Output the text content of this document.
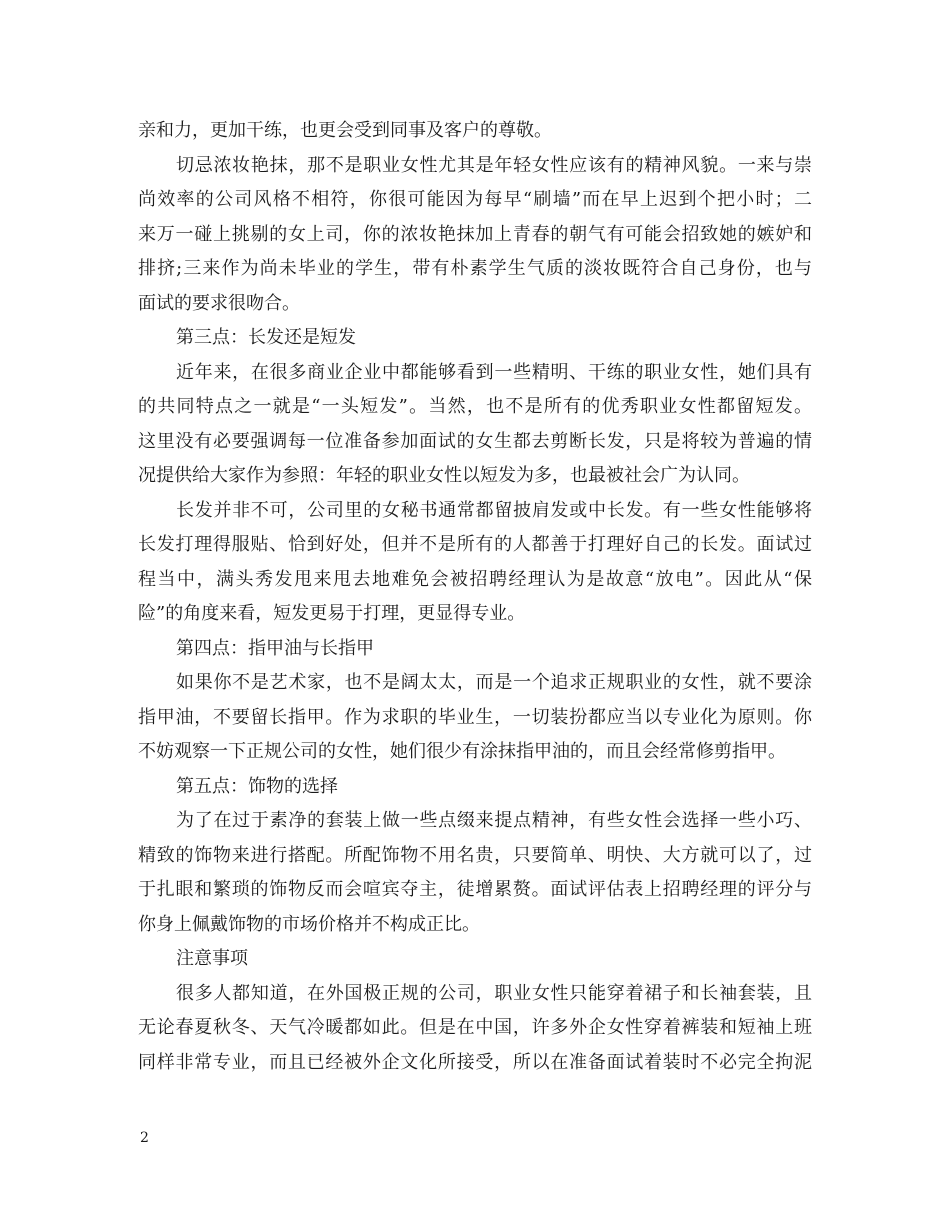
亲和力，更加干练，也更会受到同事及客户的尊敬。
切忌浓妆艳抹，那不是职业女性尤其是年轻女性应该有的精神风貌。一来与崇
尚效率的公司风格不相符，你很可能因为每早“刷墙”而在早上迟到个把小时；二
来万一碰上挑剔的女上司，你的浓妆艳抹加上青春的朝气有可能会招致她的嫉妒和
排挤;三来作为尚未毕业的学生，带有朴素学生气质的淡妆既符合自己身份，也与
面试的要求很吻合。
第三点：长发还是短发
近年来，在很多商业企业中都能够看到一些精明、干练的职业女性，她们具有
的共同特点之一就是“一头短发”。当然，也不是所有的优秀职业女性都留短发。
这里没有必要强调每一位准备参加面试的女生都去剪断长发，只是将较为普遍的情
况提供给大家作为参照：年轻的职业女性以短发为多，也最被社会广为认同。
长发并非不可，公司里的女秘书通常都留披肩发或中长发。有一些女性能够将
长发打理得服贴、恰到好处，但并不是所有的人都善于打理好自己的长发。面试过
程当中，满头秀发甩来甩去地难免会被招聘经理认为是故意“放电”。因此从“保
险”的角度来看，短发更易于打理，更显得专业。
第四点：指甲油与长指甲
如果你不是艺术家，也不是阔太太，而是一个追求正规职业的女性，就不要涂
指甲油，不要留长指甲。作为求职的毕业生，一切装扮都应当以专业化为原则。你
不妨观察一下正规公司的女性，她们很少有涂抹指甲油的，而且会经常修剪指甲。
第五点：饰物的选择
为了在过于素净的套装上做一些点缀来提点精神，有些女性会选择一些小巧、
精致的饰物来进行搭配。所配饰物不用名贵，只要简单、明快、大方就可以了，过
于扎眼和繁琐的饰物反而会喧宾夺主，徒增累赘。面试评估表上招聘经理的评分与
你身上佩戴饰物的市场价格并不构成正比。
注意事项
很多人都知道，在外国极正规的公司，职业女性只能穿着裙子和长袖套装，且
无论春夏秋冬、天气冷暖都如此。但是在中国，许多外企女性穿着裤装和短袖上班
同样非常专业，而且已经被外企文化所接受，所以在准备面试着装时不必完全拘泥
2
